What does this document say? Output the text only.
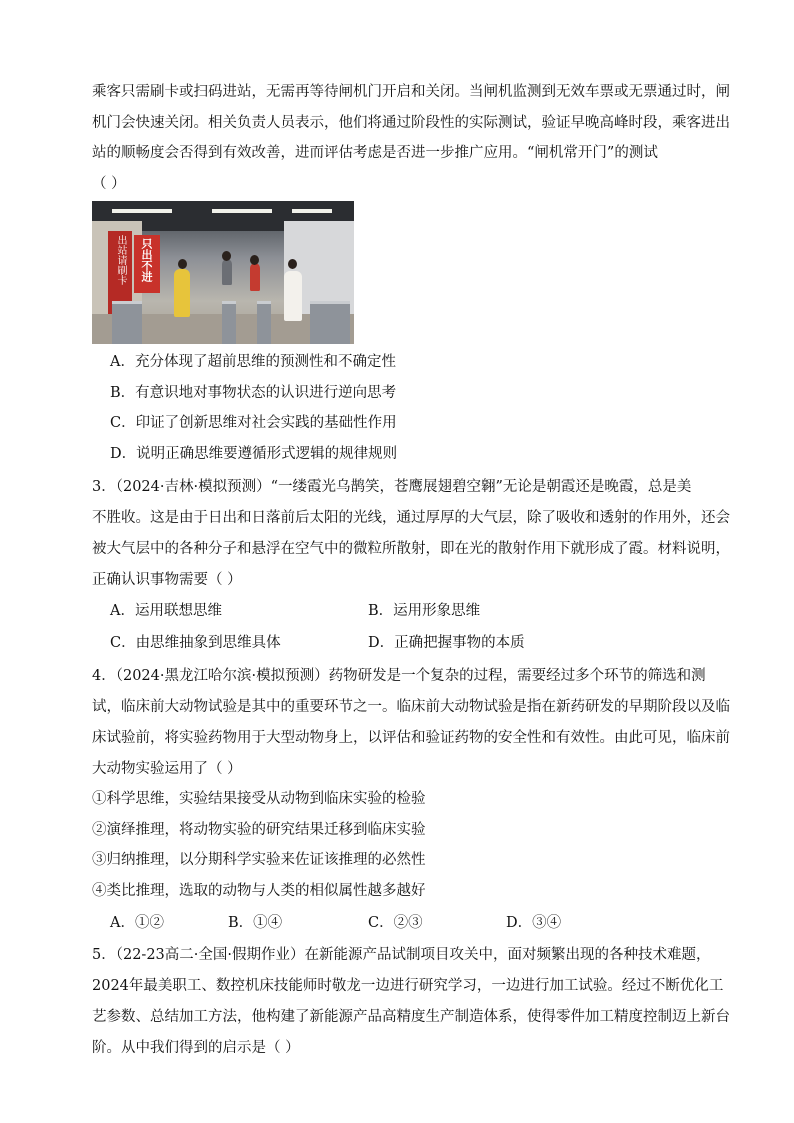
乘客只需刷卡或扫码进站，无需再等待闸机门开启和关闭。当闸机监测到无效车票或无票通过时，闸
机门会快速关闭。相关负责人员表示，他们将通过阶段性的实际测试，验证早晚高峰时段，乘客进出
站的顺畅度会否得到有效改善，进而评估考虑是否进一步推广应用。“闸机常开门”的测试
（ ）
出站请刷卡	只出不进
A．充分体现了超前思维的预测性和不确定性
B．有意识地对事物状态的认识进行逆向思考
C．印证了创新思维对社会实践的基础性作用
D．说明正确思维要遵循形式逻辑的规律规则
3．（2024·吉林·模拟预测）“一缕霞光乌鹊笑，苍鹰展翅碧空翱”无论是朝霞还是晚霞，总是美
不胜收。这是由于日出和日落前后太阳的光线，通过厚厚的大气层，除了吸收和透射的作用外，还会
被大气层中的各种分子和悬浮在空气中的微粒所散射，即在光的散射作用下就形成了霞。材料说明，
正确认识事物需要（ ）
A．运用联想思维	B．运用形象思维
C．由思维抽象到思维具体	D．正确把握事物的本质
4．（2024·黑龙江哈尔滨·模拟预测）药物研发是一个复杂的过程，需要经过多个环节的筛选和测
试，临床前大动物试验是其中的重要环节之一。临床前大动物试验是指在新药研发的早期阶段以及临
床试验前，将实验药物用于大型动物身上，以评估和验证药物的安全性和有效性。由此可见，临床前
大动物实验运用了（ ）
①科学思维，实验结果接受从动物到临床实验的检验
②演绎推理，将动物实验的研究结果迁移到临床实验
③归纳推理，以分期科学实验来佐证该推理的必然性
④类比推理，选取的动物与人类的相似属性越多越好
A．①②	B．①④	C．②③	D．③④
5．（22-23高二·全国·假期作业）在新能源产品试制项目攻关中，面对频繁出现的各种技术难题，
2024年最美职工、数控机床技能师时敬龙一边进行研究学习，一边进行加工试验。经过不断优化工
艺参数、总结加工方法，他构建了新能源产品高精度生产制造体系，使得零件加工精度控制迈上新台
阶。从中我们得到的启示是（ ）
